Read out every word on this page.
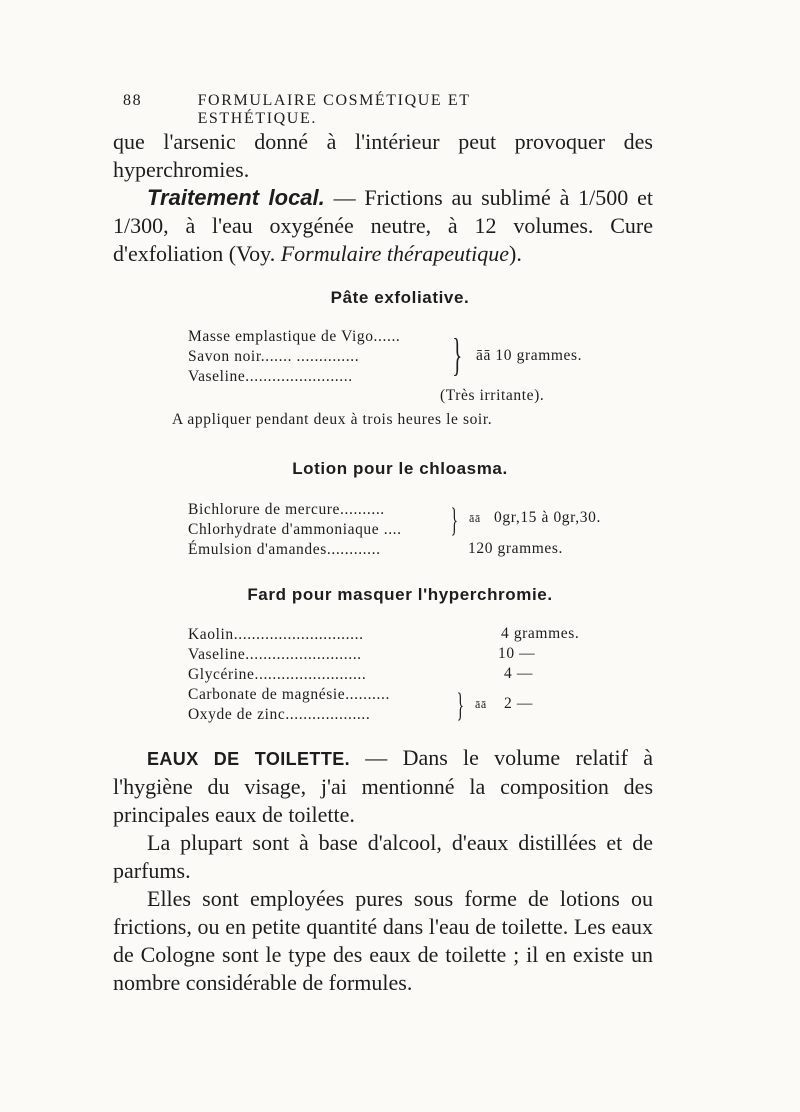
88	FORMULAIRE COSMÉTIQUE ET ESTHÉTIQUE.

que l'arsenic donné à l'intérieur peut provoquer des hyperchromies.

Traitement local. — Frictions au sublimé à 1/500 et 1/300, à l'eau oxygénée neutre, à 12 volumes. Cure d'exfoliation (Voy. Formulaire thérapeutique).

Pâte exfoliative.
Masse emplastique de Vigo......
Savon noir....... ..............
Vaseline........................	} āā 10 grammes.
(Très irritante).
A appliquer pendant deux à trois heures le soir.
Lotion pour le chloasma.
Bichlorure de mercure..........
Chlorhydrate d'ammoniaque ....
Émulsion d'amandes............
} āā 0gr,15 à 0gr,30.
120 grammes.
Fard pour masquer l'hyperchromie.
Kaolin.............................
Vaseline..........................
Glycérine.........................
Carbonate de magnésie..........
Oxyde de zinc...................
4 grammes.
10 —
4 —
} āā 2 —

EAUX DE TOILETTE. — Dans le volume relatif à l'hygiène du visage, j'ai mentionné la composition des principales eaux de toilette.

La plupart sont à base d'alcool, d'eaux distillées et de parfums.

Elles sont employées pures sous forme de lotions ou frictions, ou en petite quantité dans l'eau de toilette. Les eaux de Cologne sont le type des eaux de toilette ; il en existe un nombre considérable de formules.
